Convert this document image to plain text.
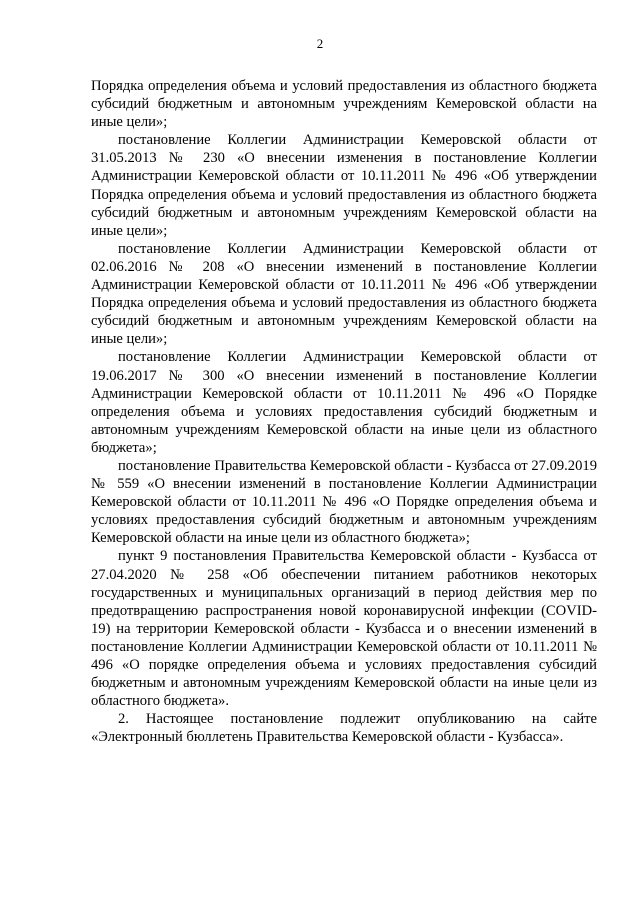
2

Порядка определения объема и условий предоставления из областного бюджета субсидий бюджетным и автономным учреждениям Кемеровской области на иные цели»;

постановление Коллегии Администрации Кемеровской области от 31.05.2013 № 230 «О внесении изменения в постановление Коллегии Администрации Кемеровской области от 10.11.2011 № 496 «Об утверждении Порядка определения объема и условий предоставления из областного бюджета субсидий бюджетным и автономным учреждениям Кемеровской области на иные цели»;

постановление Коллегии Администрации Кемеровской области от 02.06.2016 № 208 «О внесении изменений в постановление Коллегии Администрации Кемеровской области от 10.11.2011 № 496 «Об утверждении Порядка определения объема и условий предоставления из областного бюджета субсидий бюджетным и автономным учреждениям Кемеровской области на иные цели»;

постановление Коллегии Администрации Кемеровской области от 19.06.2017 № 300 «О внесении изменений в постановление Коллегии Администрации Кемеровской области от 10.11.2011 № 496 «О Порядке определения объема и условиях предоставления субсидий бюджетным и автономным учреждениям Кемеровской области на иные цели из областного бюджета»;

постановление Правительства Кемеровской области - Кузбасса от 27.09.2019 № 559 «О внесении изменений в постановление Коллегии Администрации Кемеровской области от 10.11.2011 № 496 «О Порядке определения объема и условиях предоставления субсидий бюджетным и автономным учреждениям Кемеровской области на иные цели из областного бюджета»;

пункт 9 постановления Правительства Кемеровской области - Кузбасса от 27.04.2020 № 258 «Об обеспечении питанием работников некоторых государственных и муниципальных организаций в период действия мер по предотвращению распространения новой коронавирусной инфекции (COVID-19) на территории Кемеровской области - Кузбасса и о внесении изменений в постановление Коллегии Администрации Кемеровской области от 10.11.2011 № 496 «О порядке определения объема и условиях предоставления субсидий бюджетным и автономным учреждениям Кемеровской области на иные цели из областного бюджета».

2. Настоящее постановление подлежит опубликованию на сайте «Электронный бюллетень Правительства Кемеровской области - Кузбасса».
